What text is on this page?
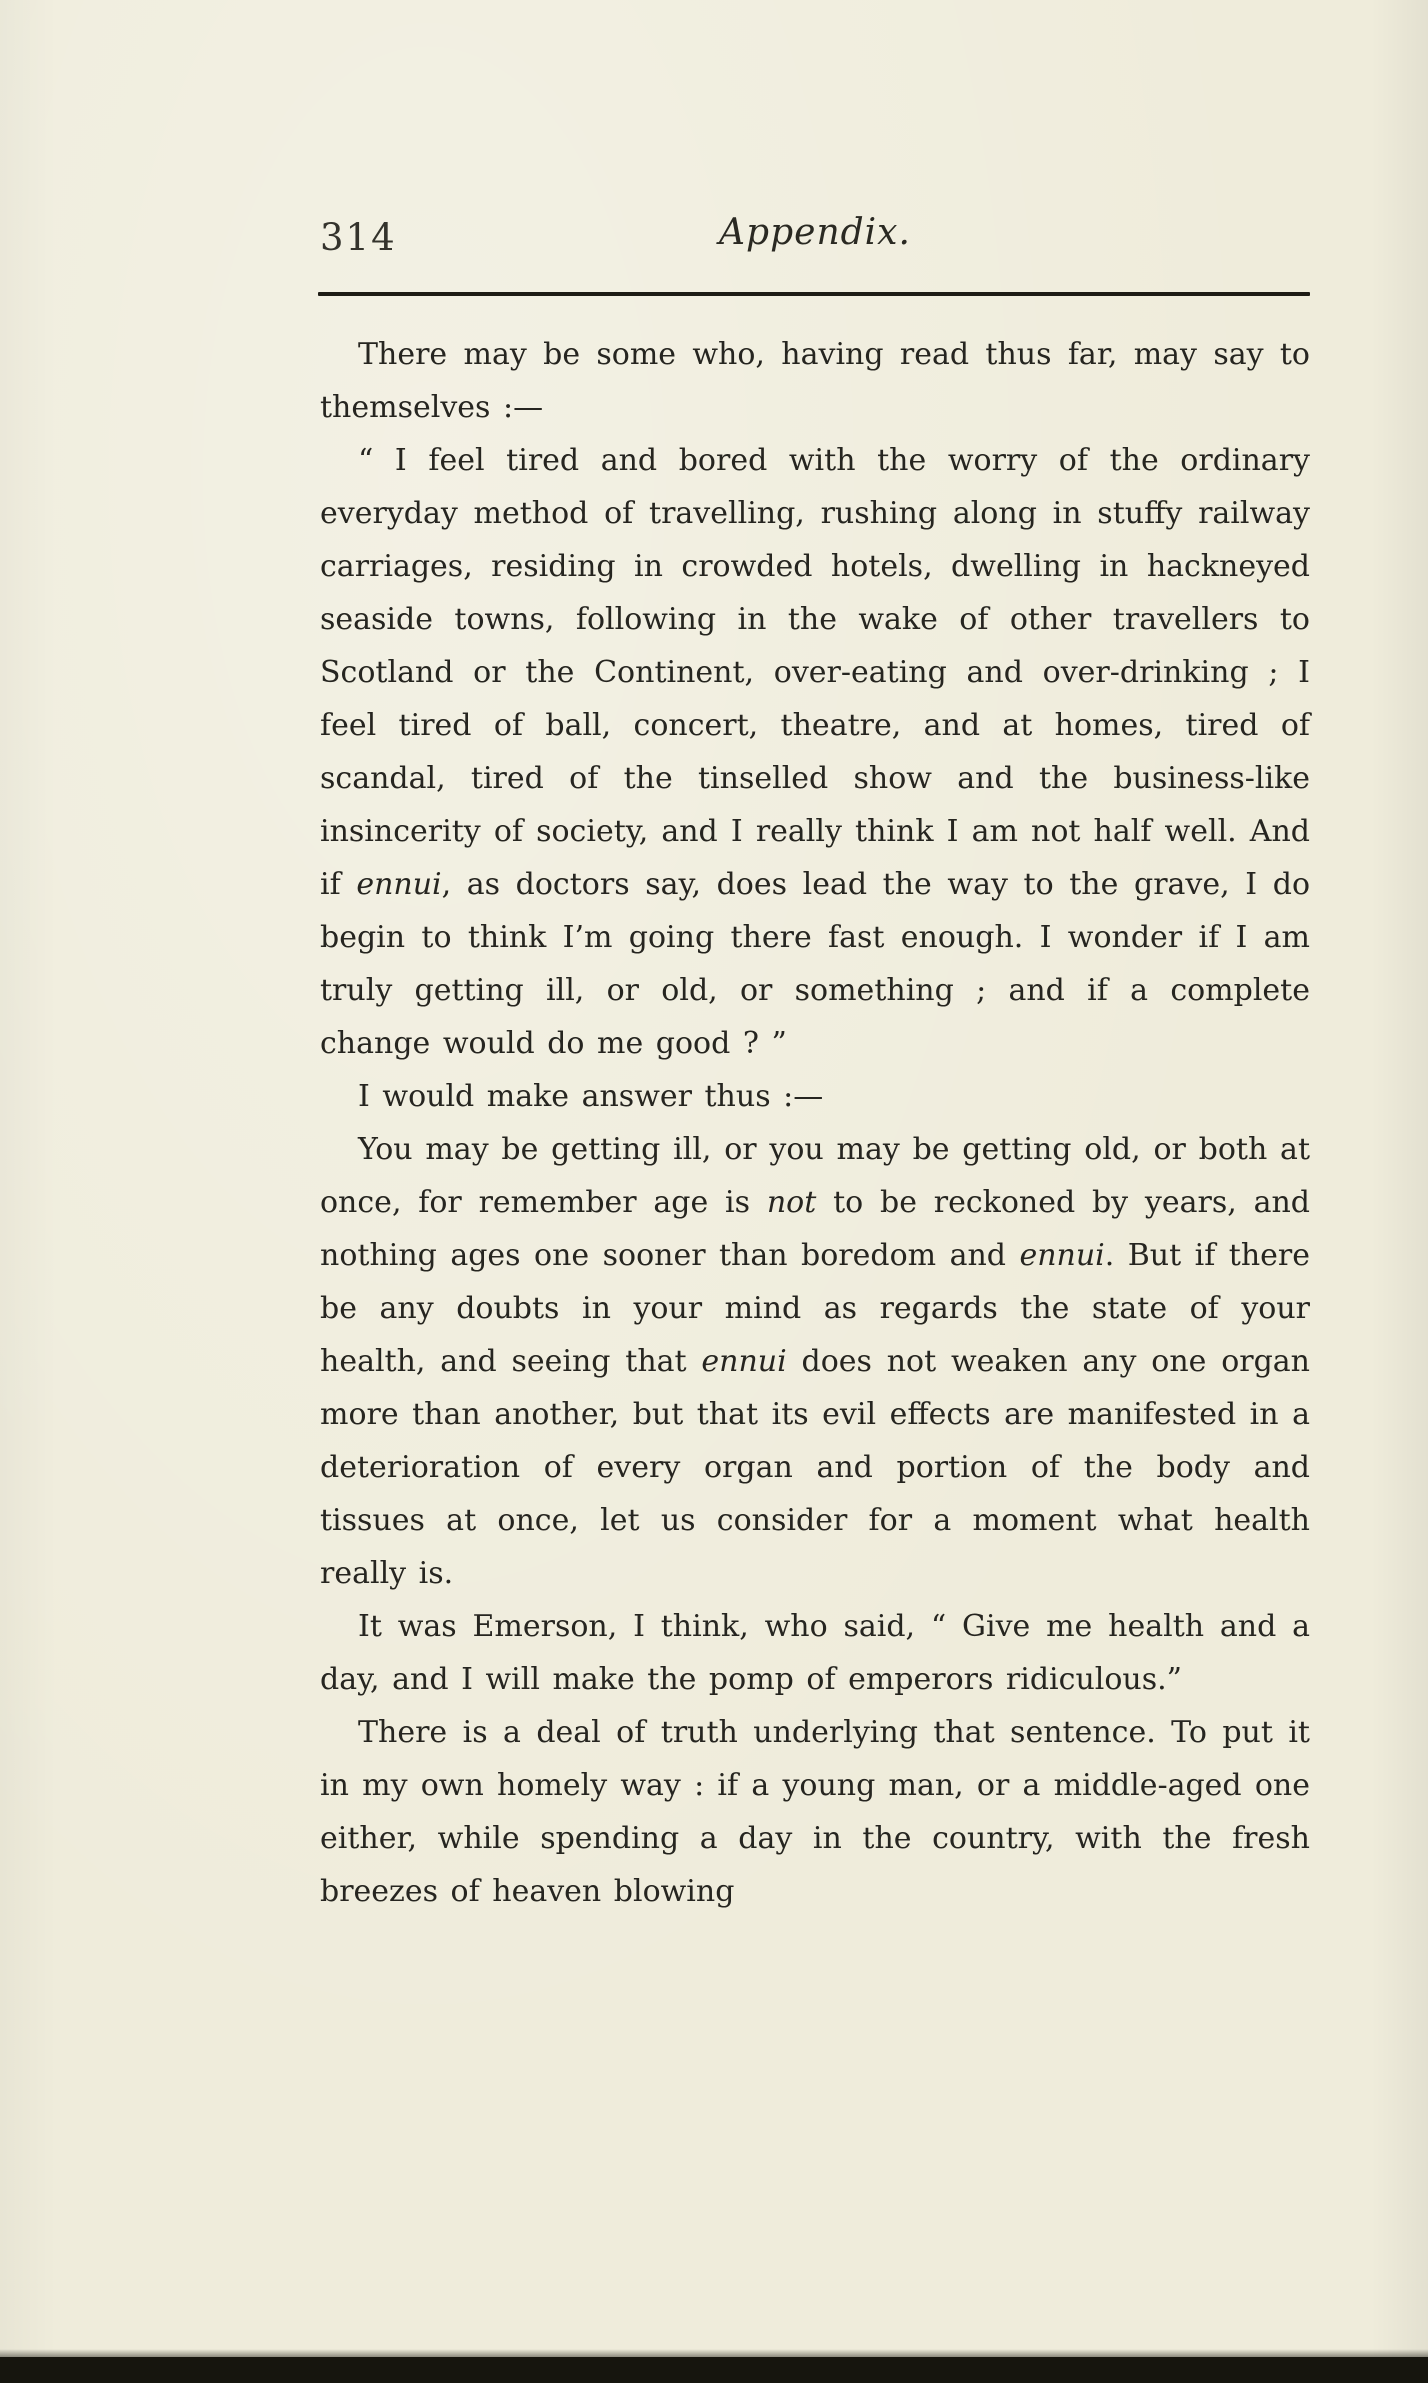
314	Appendix.

There may be some who, having read thus far, may say to themselves :—

“ I feel tired and bored with the worry of the ordinary everyday method of travelling, rushing along in stuffy railway carriages, residing in crowded hotels, dwelling in hackneyed seaside towns, following in the wake of other travellers to Scotland or the Continent, over-eating and over-drinking ; I feel tired of ball, concert, theatre, and at homes, tired of scandal, tired of the tinselled show and the business-like insincerity of society, and I really think I am not half well. And if ennui, as doctors say, does lead the way to the grave, I do begin to think I’m going there fast enough. I wonder if I am truly getting ill, or old, or something ; and if a complete change would do me good ? ”

I would make answer thus :—

You may be getting ill, or you may be getting old, or both at once, for remember age is not to be reckoned by years, and nothing ages one sooner than boredom and ennui. But if there be any doubts in your mind as regards the state of your health, and seeing that ennui does not weaken any one organ more than another, but that its evil effects are manifested in a deterioration of every organ and portion of the body and tissues at once, let us consider for a moment what health really is.

It was Emerson, I think, who said, “ Give me health and a day, and I will make the pomp of emperors ridiculous.”

There is a deal of truth underlying that sentence. To put it in my own homely way : if a young man, or a middle-aged one either, while spending a day in the country, with the fresh breezes of heaven blowing
